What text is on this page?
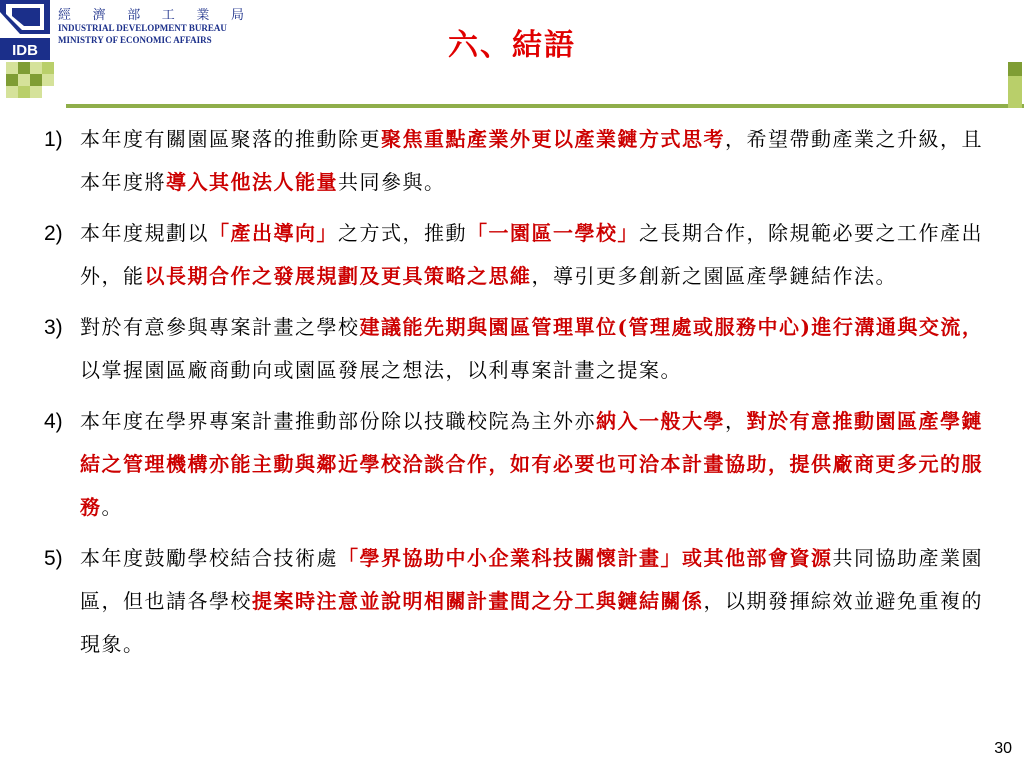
IDB
經 濟 部 工 業 局
INDUSTRIAL DEVELOPMENT BUREAU
MINISTRY OF ECONOMIC AFFAIRS	六、結語
1) 本年度有關園區聚落的推動除更聚焦重點產業外更以產業鏈方式思考，希望帶動產業之升級，且本年度將導入其他法人能量共同參與。
2) 本年度規劃以「產出導向」之方式，推動「一園區一學校」之長期合作，除規範必要之工作產出外，能以長期合作之發展規劃及更具策略之思維，導引更多創新之園區產學鏈結作法。
3) 對於有意參與專案計畫之學校建議能先期與園區管理單位(管理處或服務中心)進行溝通與交流，以掌握園區廠商動向或園區發展之想法，以利專案計畫之提案。
4) 本年度在學界專案計畫推動部份除以技職校院為主外亦納入一般大學，對於有意推動園區產學鏈結之管理機構亦能主動與鄰近學校洽談合作，如有必要也可洽本計畫協助，提供廠商更多元的服務。
5) 本年度鼓勵學校結合技術處「學界協助中小企業科技關懷計畫」或其他部會資源共同協助產業園區，但也請各學校提案時注意並說明相關計畫間之分工與鏈結關係，以期發揮綜效並避免重複的現象。
30
